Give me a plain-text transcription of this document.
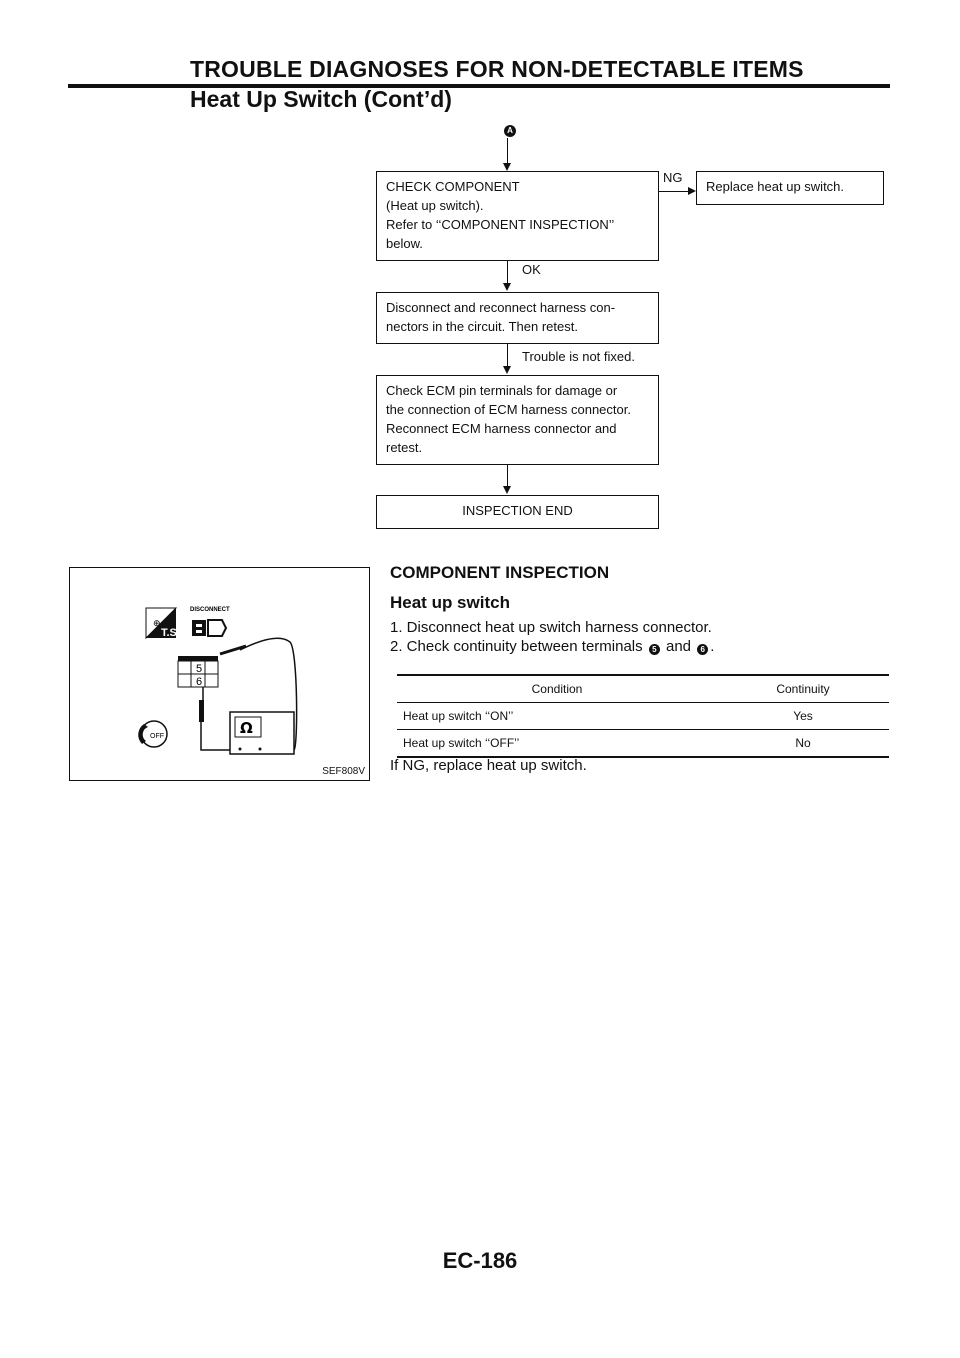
TROUBLE DIAGNOSES FOR NON-DETECTABLE ITEMS
Heat Up Switch (Cont’d)
A
CHECK COMPONENT
(Heat up switch).
Refer to ‘‘COMPONENT INSPECTION’’
below.
NG
Replace heat up switch.
OK
Disconnect and reconnect harness con-
nectors in the circuit. Then retest.
Trouble is not fixed.
Check ECM pin terminals for damage or
the connection of ECM harness connector.
Reconnect ECM harness connector and
retest.
INSPECTION END
⊕
T.S.
DISCONNECT
5
6
Ω
OFF
SEF808V
COMPONENT INSPECTION
Heat up switch
1. Disconnect heat up switch harness connector.
2. Check continuity between terminals 5 and 6 .
Condition	Continuity
Heat up switch ‘‘ON’’	Yes
Heat up switch ‘‘OFF’’	No
If NG, replace heat up switch.
EC-186
